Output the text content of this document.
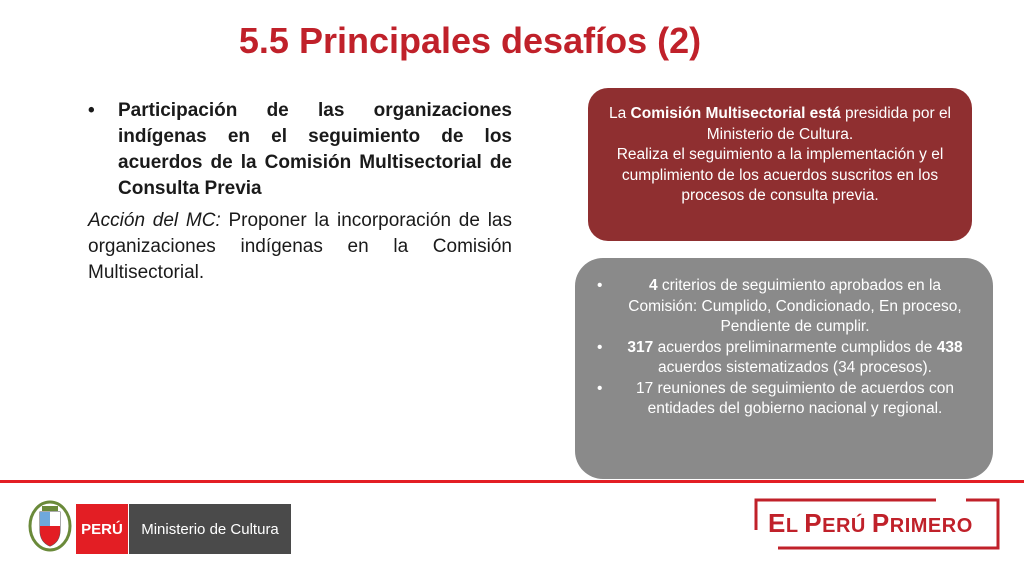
5.5 Principales desafíos (2)
•	Participación de las organizaciones indígenas en el seguimiento de los acuerdos de la Comisión Multisectorial de Consulta Previa
Acción del MC: Proponer la incorporación de las organizaciones indígenas en la Comisión Multisectorial.
La Comisión Multisectorial está presidida por el Ministerio de Cultura.
Realiza el seguimiento a la implementación y el cumplimiento de los acuerdos suscritos en los procesos de consulta previa.
•	4 criterios de seguimiento aprobados en la Comisión: Cumplido, Condicionado, En proceso, Pendiente de cumplir.
• 317 acuerdos preliminarmente cumplidos de 438 acuerdos sistematizados (34 procesos).
• 17 reuniones de seguimiento de acuerdos con entidades del gobierno nacional y regional.
PERÚ	Ministerio de Cultura	EL PERÚ PRIMERO
